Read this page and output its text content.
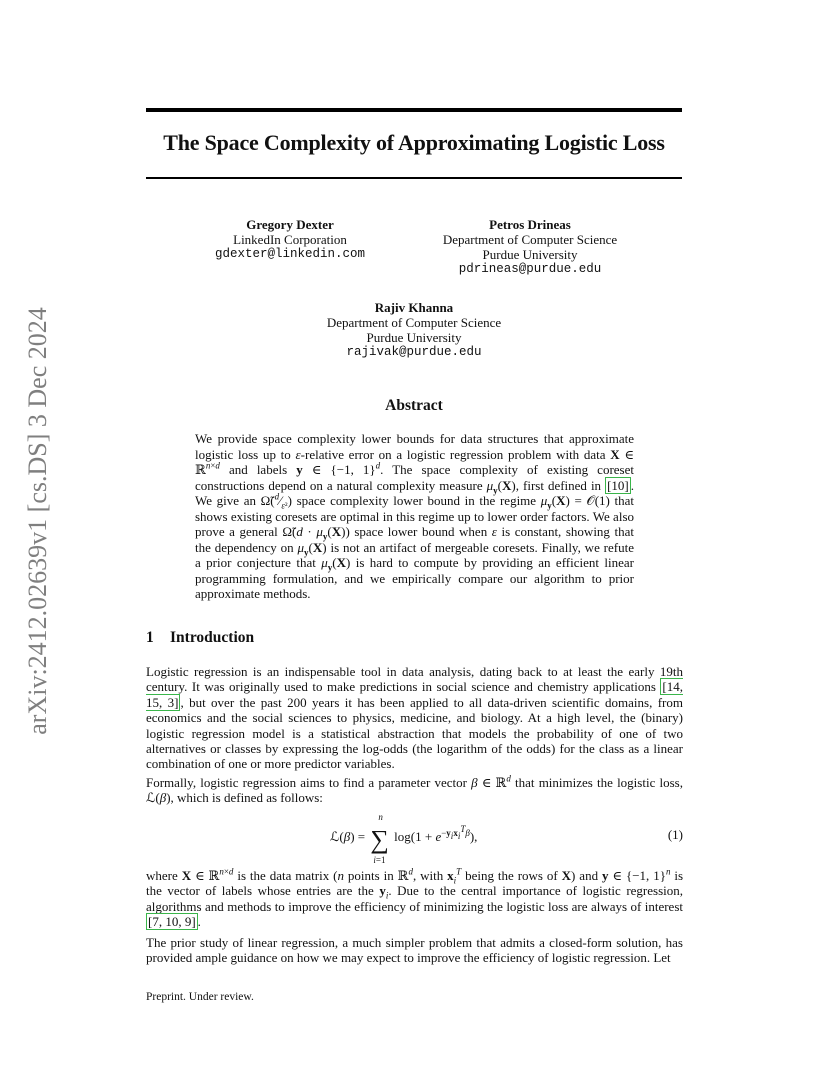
The Space Complexity of Approximating Logistic Loss
arXiv:2412.02639v1 [cs.DS] 3 Dec 2024
Gregory Dexter
LinkedIn Corporation
gdexter@linkedin.com
Petros Drineas
Department of Computer Science
Purdue University
pdrineas@purdue.edu
Rajiv Khanna
Department of Computer Science
Purdue University
rajivak@purdue.edu
Abstract
We provide space complexity lower bounds for data structures that approximate logistic loss up to ε-relative error on a logistic regression problem with data X ∈ ℝ$^{n\times d}$ and labels y ∈ {−1, 1}$^d$. The space complexity of existing coreset constructions depend on a natural complexity measure $\mu_y(X)$, first defined in [10] . We give an $\Omegã(^d⁄_{\varepsilon^2})$ space complexity lower bound in the regime $\mu_y(X)$ = 𝒪(1) that shows existing coresets are optimal in this regime up to lower order factors. We also prove a general Ω̃(d · $\mu_y(X)$) space lower bound when ε is constant, showing that the dependency on $\mu_y(X)$ is not an artifact of mergeable coresets. Finally, we refute a prior conjecture that $\mu_y(X)$ is hard to compute by providing an efficient linear programming formulation, and we empirically compare our algorithm to prior approximate methods.
1 Introduction
Logistic regression is an indispensable tool in data analysis, dating back to at least the early 19th century. It was originally used to make predictions in social science and chemistry applications [14, 15, 3] , but over the past 200 years it has been applied to all data-driven scientific domains, from economics and the social sciences to physics, medicine, and biology. At a high level, the (binary) logistic regression model is a statistical abstraction that models the probability of one of two alternatives or classes by expressing the log-odds (the logarithm of the odds) for the class as a linear combination of one or more predictor variables.
Formally, logistic regression aims to find a parameter vector β ∈ ℝ$^d$ that minimizes the logistic loss, ℒ(β), which is defined as follows:
ℒ(β) = ∑
n
i=1
$\log(1 + e^{-y_ix_i^T\beta})$,	(1)
where X ∈ ℝ$^{n\times d}$ is the data matrix (n points in ℝ$^d$, with $x_i^T$ being the rows of X) and y ∈ {−1, 1}$^n$ is the vector of labels whose entries are the $y_i$. Due to the central importance of logistic regression, algorithms and methods to improve the efficiency of minimizing the logistic loss are always of interest [7, 10, 9] .
The prior study of linear regression, a much simpler problem that admits a closed-form solution, has provided ample guidance on how we may expect to improve the efficiency of logistic regression. Let
Preprint. Under review.
